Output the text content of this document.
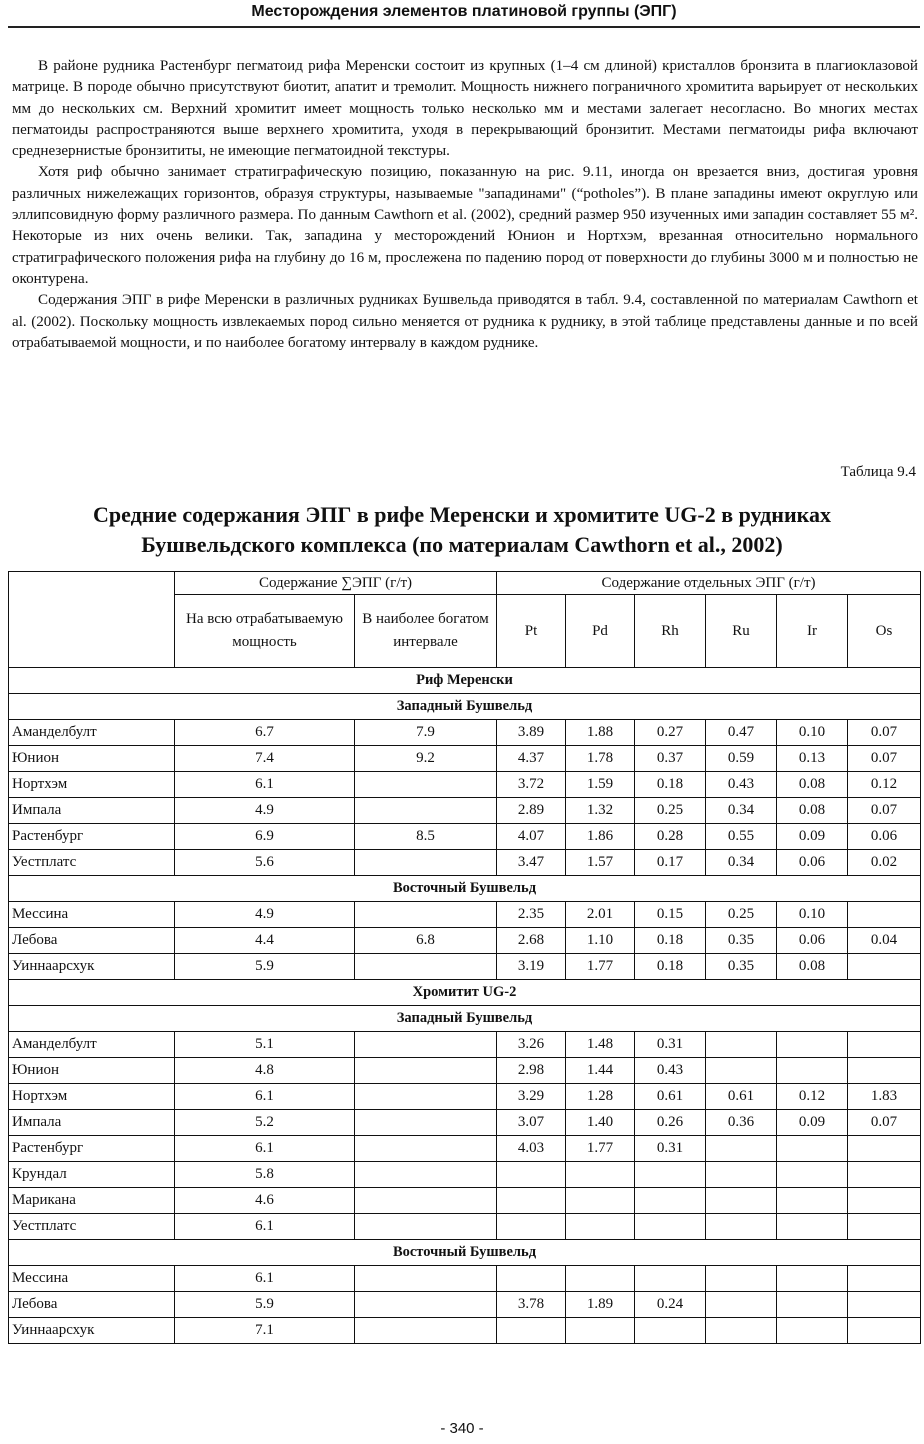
Месторождения элементов платиновой группы (ЭПГ)

В районе рудника Растенбург пегматоид рифа Меренски состоит из крупных (1–4 см длиной) кристаллов бронзита в плагиоклазовой матрице. В породе обычно присутствуют биотит, апатит и тремолит. Мощность нижнего пограничного хромитита варьирует от нескольких мм до нескольких см. Верхний хромитит имеет мощность только несколько мм и местами залегает несогласно. Во многих местах пегматоиды распространяются выше верхнего хромитита, уходя в перекрывающий бронзитит. Местами пегматоиды рифа включают среднезернистые бронзититы, не имеющие пегматоидной текстуры.

Хотя риф обычно занимает стратиграфическую позицию, показанную на рис. 9.11, иногда он врезается вниз, достигая уровня различных нижележащих горизонтов, образуя структуры, называемые "западинами" (“potholes”). В плане западины имеют округлую или эллипсовидную форму различного размера. По данным Cawthorn et al. (2002), средний размер 950 изученных ими западин составляет 55 м². Некоторые из них очень велики. Так, западина у месторождений Юнион и Нортхэм, врезанная относительно нормального стратиграфического положения рифа на глубину до 16 м, прослежена по падению пород от поверхности до глубины 3000 м и полностью не оконтурена.

Содержания ЭПГ в рифе Меренски в различных рудниках Бушвельда приводятся в табл. 9.4, составленной по материалам Cawthorn et al. (2002). Поскольку мощность извлекаемых пород сильно меняется от рудника к руднику, в этой таблице представлены данные и по всей отрабатываемой мощности, и по наиболее богатому интервалу в каждом руднике.

Таблица 9.4
Средние содержания ЭПГ в рифе Меренски и хромитите UG-2 в рудниках
Бушвельдского комплекса (по материалам Cawthorn et al., 2002)
	Содержание ∑ЭПГ (г/т)		Содержание отдельных ЭПГ (г/т)					
	На всю отрабатываемую мощность	В наиболее богатом интервале	Pt	Pd	Rh	Ru	Ir	Os
Риф Меренски								
Западный Бушвельд								
Аманделбулт	6.7	7.9	3.89	1.88	0.27	0.47	0.10	0.07
Юнион	7.4	9.2	4.37	1.78	0.37	0.59	0.13	0.07
Нортхэм	6.1		3.72	1.59	0.18	0.43	0.08	0.12
Импала	4.9		2.89	1.32	0.25	0.34	0.08	0.07
Растенбург	6.9	8.5	4.07	1.86	0.28	0.55	0.09	0.06
Уестплатс	5.6		3.47	1.57	0.17	0.34	0.06	0.02
Восточный Бушвельд								
Мессина	4.9		2.35	2.01	0.15	0.25	0.10	
Лебова	4.4	6.8	2.68	1.10	0.18	0.35	0.06	0.04
Уиннаарсхук	5.9		3.19	1.77	0.18	0.35	0.08	
Хромитит UG-2								
Западный Бушвельд								
Аманделбулт	5.1		3.26	1.48	0.31			
Юнион	4.8		2.98	1.44	0.43			
Нортхэм	6.1		3.29	1.28	0.61	0.61	0.12	1.83
Импала	5.2		3.07	1.40	0.26	0.36	0.09	0.07
Растенбург	6.1		4.03	1.77	0.31			
Крундал	5.8							
Марикана	4.6							
Уестплатс	6.1							
Восточный Бушвельд								
Мессина	6.1							
Лебова	5.9		3.78	1.89	0.24			
Уиннаарсхук	7.1							
- 340 -
